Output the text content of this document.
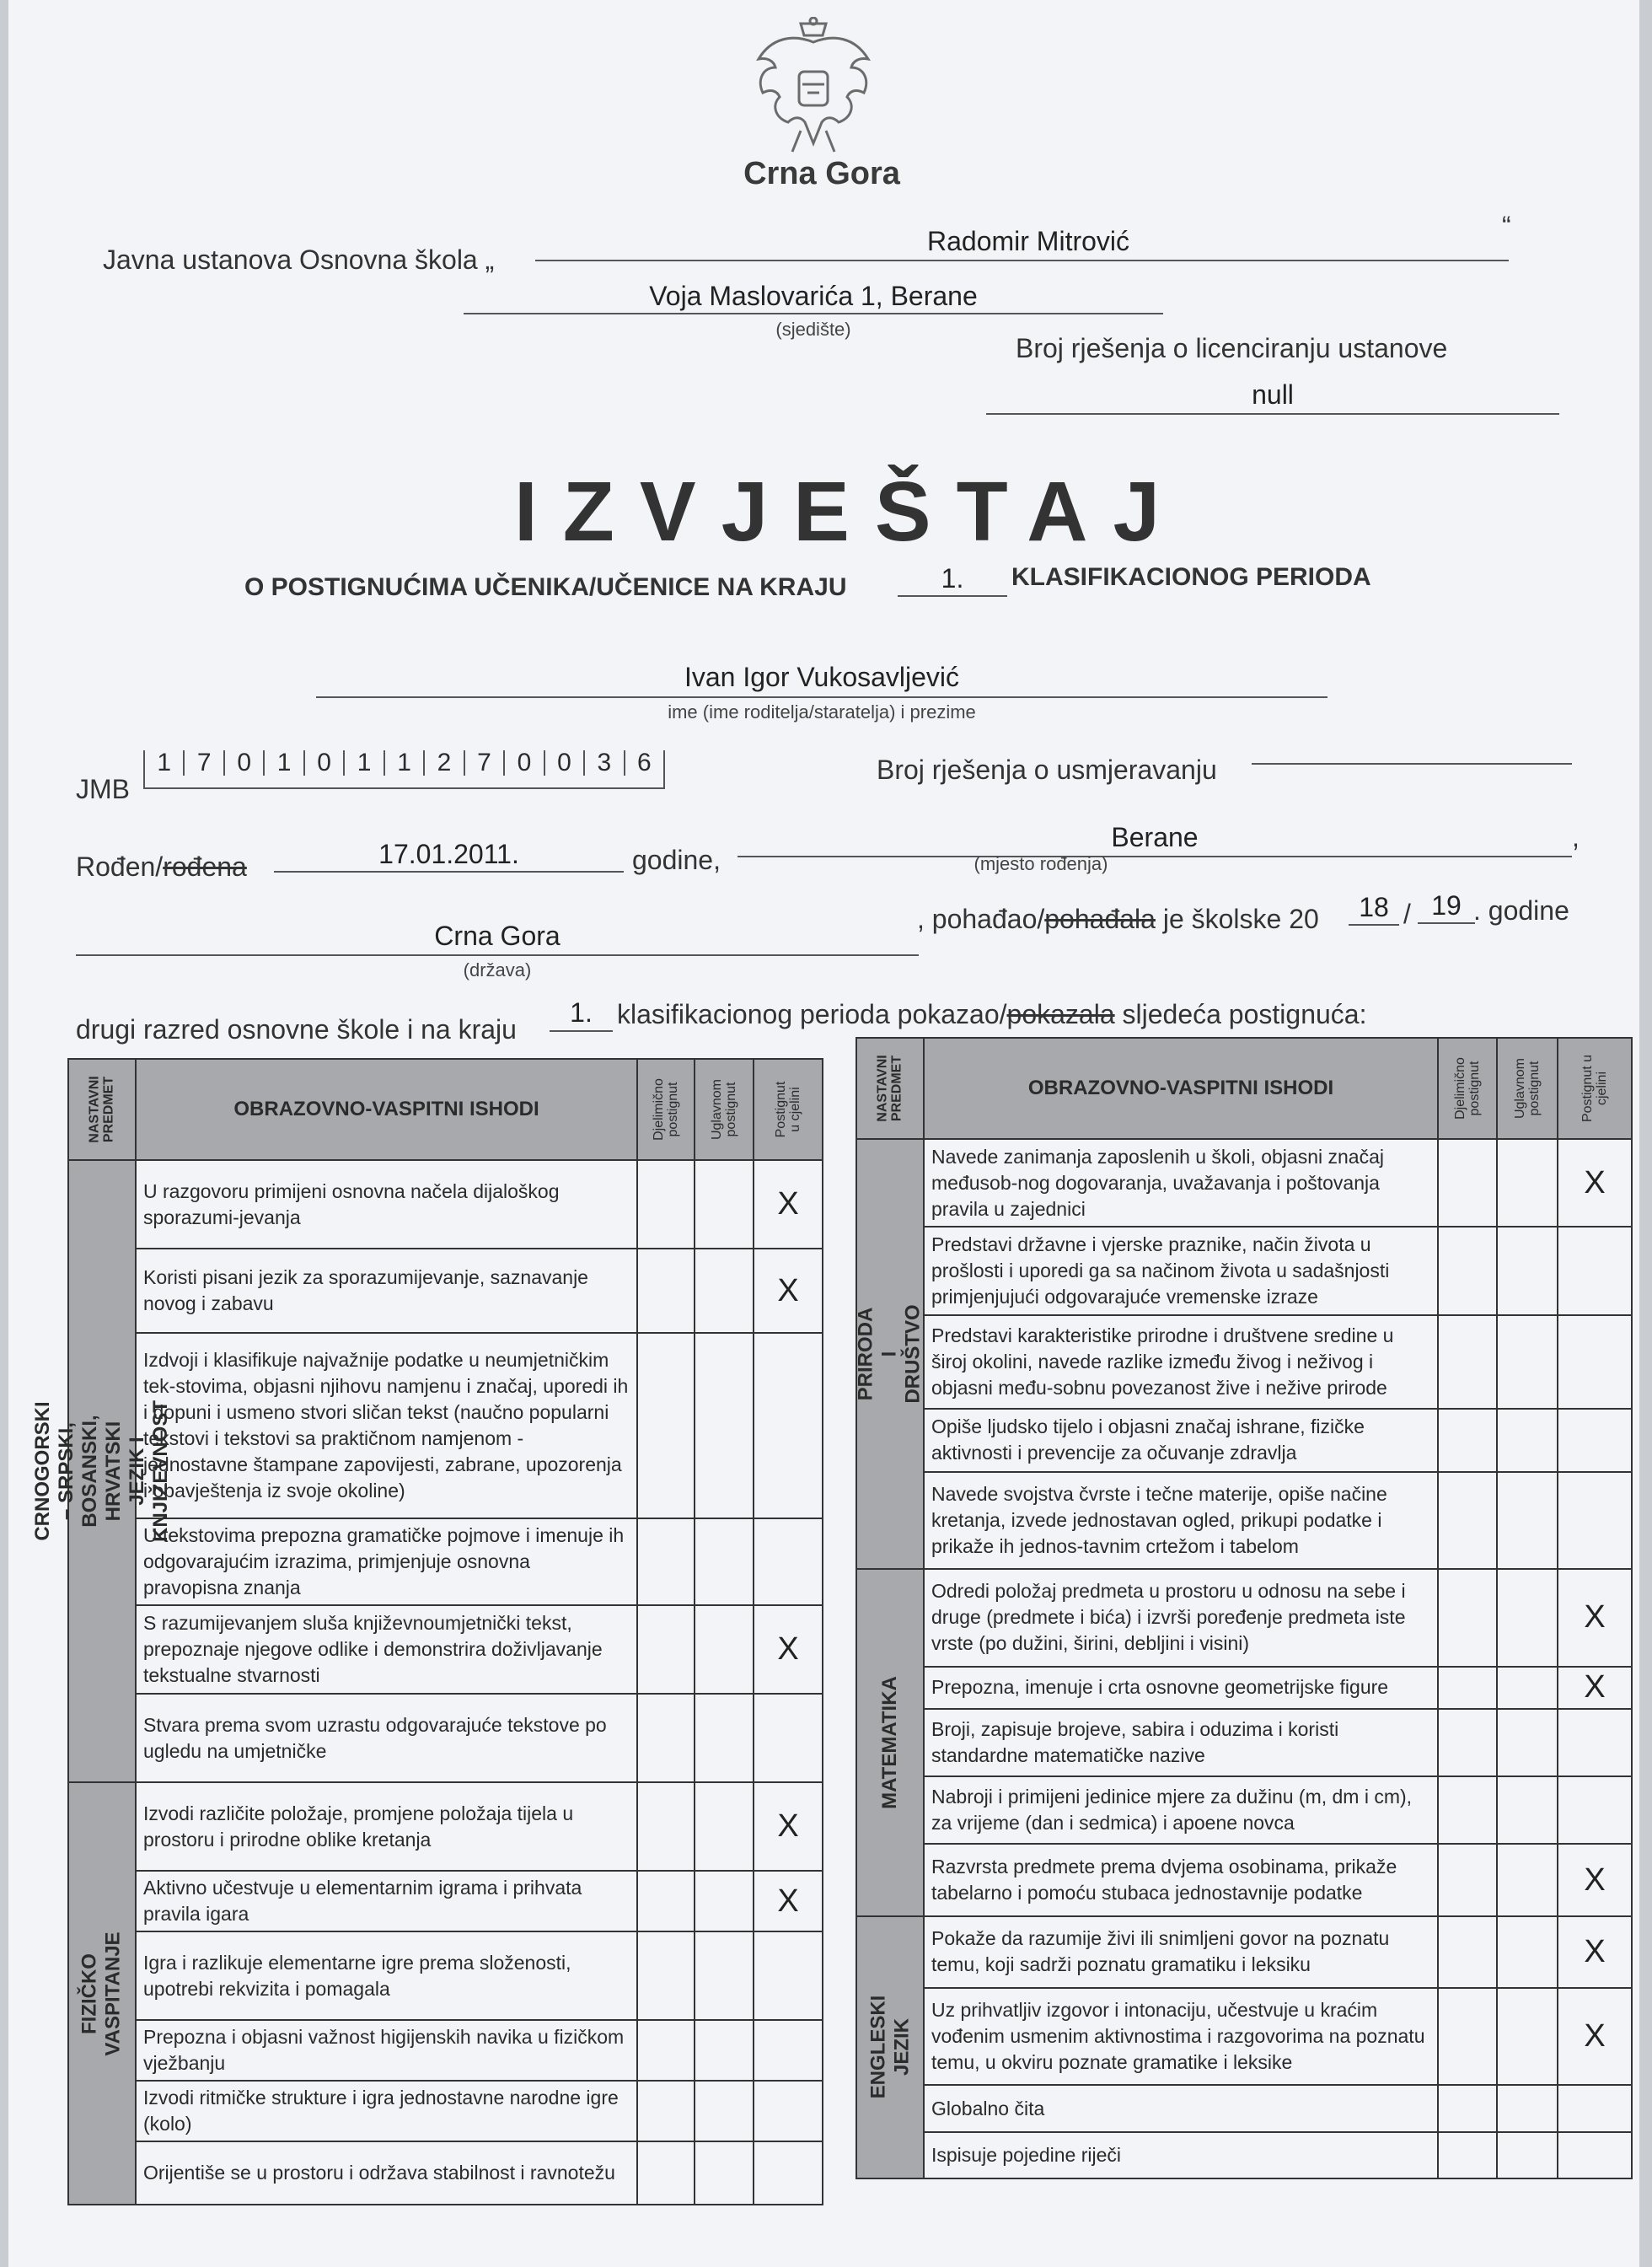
Crna Gora
Javna ustanova Osnovna škola „
Radomir Mitrović	“
Voja Maslovarića 1, Berane
(sjedište)
Broj rješenja o licenciranju ustanove
null
IZVJEŠTAJ
O POSTIGNUĆIMA UČENIKA/UČENICE NA KRAJU	1.	KLASIFIKACIONOG PERIODA
Ivan Igor Vukosavljević
ime (ime roditelja/staratelja) i prezime
JMB
1	7	0	1	0	1	1	2	7	0	0	3	6	Broj rješenja o usmjeravanju
Rođen/rođena	17.01.2011.	godine,
Berane	,
(mjesto rođenja)
Crna Gora
(država)
, pohađao/pohađala je školske 20	18 / 19 . godine
drugi razred osnovne škole i na kraju
1. klasifikacionog perioda pokazao/pokazala sljedeća postignuća:
NASTAVNI PREDMET	OBRAZOVNO-VASPITNI ISHODI	Djelimično postignut	Uglavnom postignut	Postignut u cjelini

CRNOGORSKI – SRPSKI, BOSANSKI, HRVATSKI JEZIK I KNJIŽEVNOST	U razgovoru primijeni osnovna načela dijaloškog sporazumi-jevanja			X
	Koristi pisani jezik za sporazumijevanje, saznavanje novog i zabavu			X
	Izdvoji i klasifikuje najvažnije podatke u neumjetničkim tek-stovima, objasni njihovu namjenu i značaj, uporedi ih i dopuni i usmeno stvori sličan tekst (naučno popularni tekstovi i tekstovi sa praktičnom namjenom - jednostavne štampane zapovijesti, zabrane, upozorenja i obavještenja iz svoje okoline)			
	U tekstovima prepozna gramatičke pojmove i imenuje ih odgovarajućim izrazima, primjenjuje osnovna pravopisna znanja			
	S razumijevanjem sluša književnoumjetnički tekst, prepoznaje njegove odlike i demonstrira doživljavanje tekstualne stvarnosti			X
	Stvara prema svom uzrastu odgovarajuće tekstove po ugledu na umjetničke			

FIZIČKO VASPITANJE	Izvodi različite položaje, promjene položaja tijela u prostoru i prirodne oblike kretanja			X
	Aktivno učestvuje u elementarnim igrama i prihvata pravila igara			X
	Igra i razlikuje elementarne igre prema složenosti, upotrebi rekvizita i pomagala			
	Prepozna i objasni važnost higijenskih navika u fizičkom vježbanju			
	Izvodi ritmičke strukture i igra jednostavne narodne igre (kolo)			
	Orijentiše se u prostoru i održava stabilnost i ravnotežu			
NASTAVNI PREDMET	OBRAZOVNO-VASPITNI ISHODI	Djelimično postignut	Uglavnom postignut	Postignut u cjelini

PRIRODA I DRUŠTVO	Navede zanimanja zaposlenih u školi, objasni značaj međusob-nog dogovaranja, uvažavanja i poštovanja pravila u zajednici			X
	Predstavi državne i vjerske praznike, način života u prošlosti i uporedi ga sa načinom života u sadašnjosti primjenjujući odgovarajuće vremenske izraze			
	Predstavi karakteristike prirodne i društvene sredine u široj okolini, navede razlike između živog i neživog i objasni među-sobnu povezanost žive i nežive prirode			
	Opiše ljudsko tijelo i objasni značaj ishrane, fizičke aktivnosti i prevencije za očuvanje zdravlja			
	Navede svojstva čvrste i tečne materije, opiše načine kretanja, izvede jednostavan ogled, prikupi podatke i prikaže ih jednos-tavnim crtežom i tabelom			

MATEMATIKA	Odredi položaj predmeta u prostoru u odnosu na sebe i druge (predmete i bića) i izvrši poređenje predmeta iste vrste (po dužini, širini, debljini i visini)			X
	Prepozna, imenuje i crta osnovne geometrijske figure			X
	Broji, zapisuje brojeve, sabira i oduzima i koristi standardne matematičke nazive			
	Nabroji i primijeni jedinice mjere za dužinu (m, dm i cm), za vrijeme (dan i sedmica) i apoene novca			
	Razvrsta predmete prema dvjema osobinama, prikaže tabelarno i pomoću stubaca jednostavnije podatke			X

ENGLESKI JEZIK	Pokaže da razumije živi ili snimljeni govor na poznatu temu, koji sadrži poznatu gramatiku i leksiku			X
	Uz prihvatljiv izgovor i intonaciju, učestvuje u kraćim vođenim usmenim aktivnostima i razgovorima na poznatu temu, u okviru poznate gramatike i leksike			X
	Globalno čita			
	Ispisuje pojedine riječi			
